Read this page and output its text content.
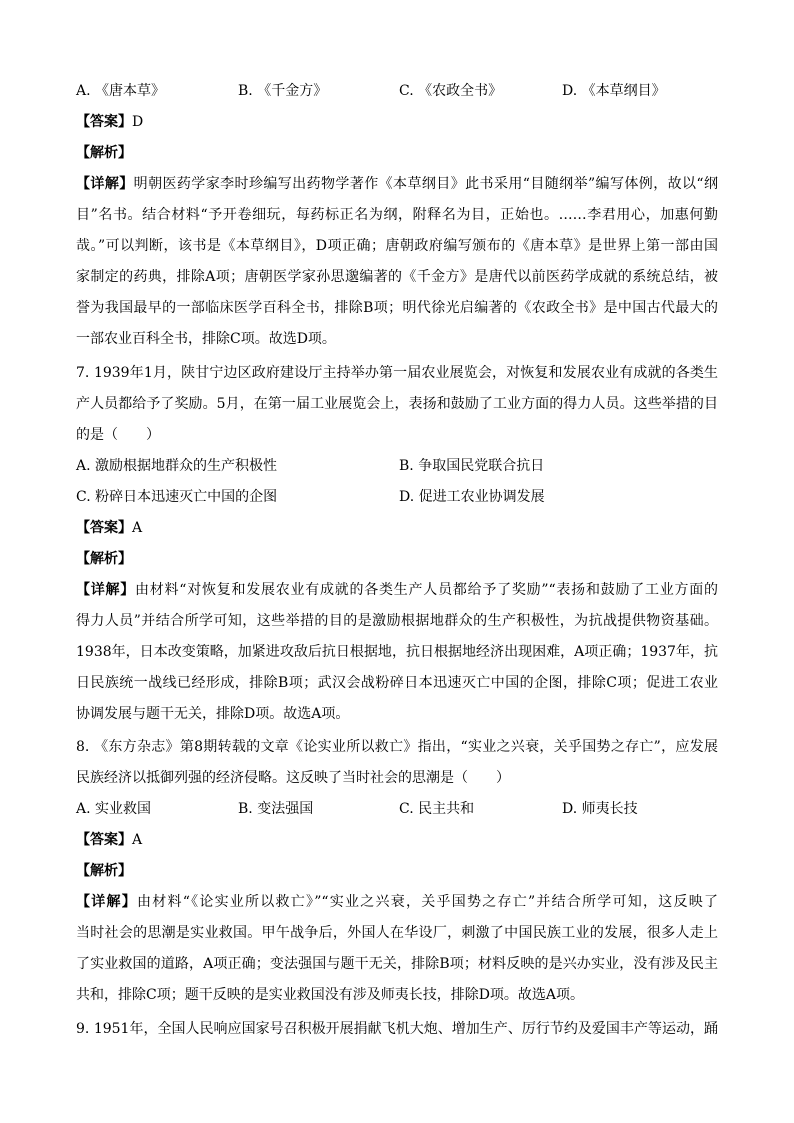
A. 《唐本草》	B. 《千金方》	C. 《农政全书》	D. 《本草纲目》
【答案】D
【解析】
【详解】明朝医药学家李时珍编写出药物学著作《本草纲目》此书采用“目随纲举”编写体例，故以“纲
目”名书。结合材料“予开卷细玩，每药标正名为纲，附释名为目，正始也。……李君用心，加惠何勤
哉。”可以判断，该书是《本草纲目》，D项正确；唐朝政府编写颁布的《唐本草》是世界上第一部由国
家制定的药典，排除A项；唐朝医学家孙思邈编著的《千金方》是唐代以前医药学成就的系统总结，被
誉为我国最早的一部临床医学百科全书，排除B项；明代徐光启编著的《农政全书》是中国古代最大的
一部农业百科全书，排除C项。故选D项。
7. 1939年1月，陕甘宁边区政府建设厅主持举办第一届农业展览会，对恢复和发展农业有成就的各类生
产人员都给予了奖励。5月，在第一届工业展览会上，表扬和鼓励了工业方面的得力人员。这些举措的目
的是（　　）
A. 激励根据地群众的生产积极性	B. 争取国民党联合抗日
C. 粉碎日本迅速灭亡中国的企图	D. 促进工农业协调发展
【答案】A
【解析】
【详解】由材料“对恢复和发展农业有成就的各类生产人员都给予了奖励”“表扬和鼓励了工业方面的
得力人员”并结合所学可知，这些举措的目的是激励根据地群众的生产积极性，为抗战提供物资基础。
1938年，日本改变策略，加紧进攻敌后抗日根据地，抗日根据地经济出现困难，A项正确；1937年，抗
日民族统一战线已经形成，排除B项；武汉会战粉碎日本迅速灭亡中国的企图，排除C项；促进工农业
协调发展与题干无关，排除D项。故选A项。
8. 《东方杂志》第8期转载的文章《论实业所以救亡》指出，“实业之兴衰，关乎国势之存亡”，应发展
民族经济以抵御列强的经济侵略。这反映了当时社会的思潮是（　　）
A. 实业救国	B. 变法强国	C. 民主共和	D. 师夷长技
【答案】A
【解析】
【详解】由材料“《论实业所以救亡》”“实业之兴衰，关乎国势之存亡”并结合所学可知，这反映了
当时社会的思潮是实业救国。甲午战争后，外国人在华设厂，刺激了中国民族工业的发展，很多人走上
了实业救国的道路，A项正确；变法强国与题干无关，排除B项；材料反映的是兴办实业，没有涉及民主
共和，排除C项；题干反映的是实业救国没有涉及师夷长技，排除D项。故选A项。
9. 1951年，全国人民响应国家号召积极开展捐献飞机大炮、增加生产、厉行节约及爱国丰产等运动，踊
